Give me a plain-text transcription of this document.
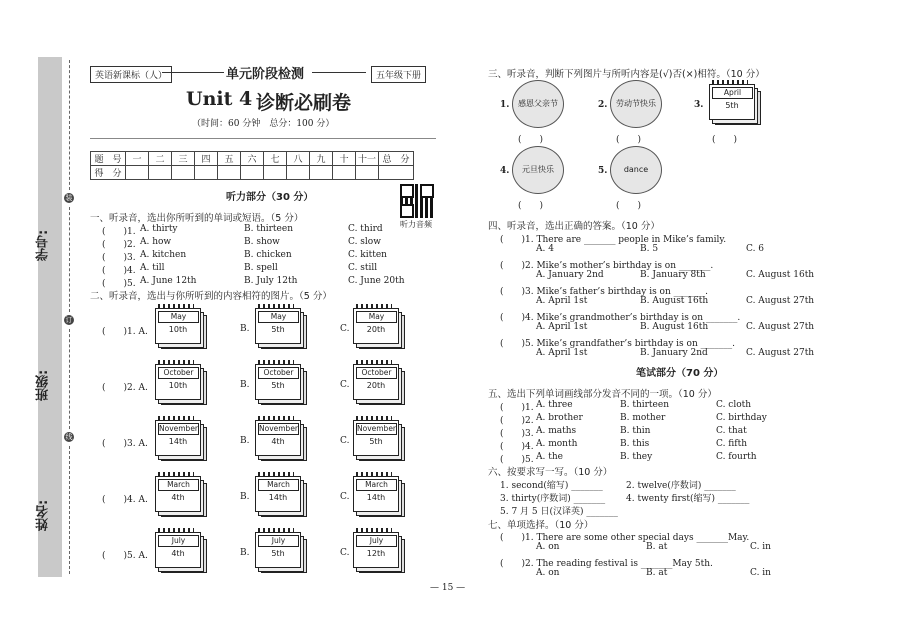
姓名:
班级:
学号:
装
订
线
英语新课标（人）	单元阶段检测	五年级下册
Unit 4 诊断必刷卷
（时间：60 分钟　总分：100 分）
题　号	一	二	三	四	五	六	七	八	九	十	十一	总　分
得　分												
听力音频
听力部分（30 分）
一、听录音，选出你所听到的单词或短语。（5 分）
(　　)1. A. thirty	B. thirteen	C. third
(　　)2. A. how	B. show	C. slow
(　　)3. A. kitchen	B. chicken	C. kitten
(　　)4. A. till	B. spell	C. still
(　　)5. A. June 12th	B. July 12th	C. June 20th
二、听录音，选出与你所听到的内容相符的图片。（5 分）
(　　)1. A.	B.	C.
May
10th
May
5th
May
20th
(　　)2. A.	B.	C.
October
10th
October
5th
October
20th
(　　)3. A.	B.	C.
November
14th
November
4th
November
5th
(　　)4. A.	B.	C.
March
4th
March
14th
March
14th
(　　)5. A.	B.	C.
July
4th
July
5th
July
12th
三、听录音，判断下列图片与所听内容是(√)否(×)相符。（10 分）
1.	感恩父亲节
(　　)
2.	劳动节快乐
(　　)
3.
April
5th
(　　)
4.	元旦快乐
(　　)
5.	dance
(　　)
四、听录音，选出正确的答案。（10 分）
(　　)1. There are _______ people in Mike’s family.
A. 4	B. 5	C. 6
(　　)2. Mike’s mother’s birthday is on _______.
A. January 2nd	B. January 8th	C. August 16th
(　　)3. Mike’s father’s birthday is on _______.
A. April 1st	B. August 16th	C. August 27th
(　　)4. Mike’s grandmother’s birthday is on _______.
A. April 1st	B. August 16th	C. August 27th
(　　)5. Mike’s grandfather’s birthday is on _______.
A. April 1st	B. January 2nd	C. August 27th
笔试部分（70 分）
五、选出下列单词画线部分发音不同的一项。（10 分）
(　　)1. A. three	B. thirteen	C. cloth
(　　)2. A. brother	B. mother	C. birthday
(　　)3. A. maths	B. thin	C. that
(　　)4. A. month	B. this	C. fifth
(　　)5. A. the	B. they	C. fourth
六、按要求写一写。（10 分）
1. second(缩写) _______	2. twelve(序数词) _______
3. thirty(序数词) _______ 4. twenty first(缩写) _______
5. 7 月 5 日(汉译英) _______
七、单项选择。（10 分）
(　　)1. There are some other special days _______May.
A. on	B. at	C. in
(　　)2. The reading festival is _______May 5th.
A. on	B. at	C. in
— 15 —
